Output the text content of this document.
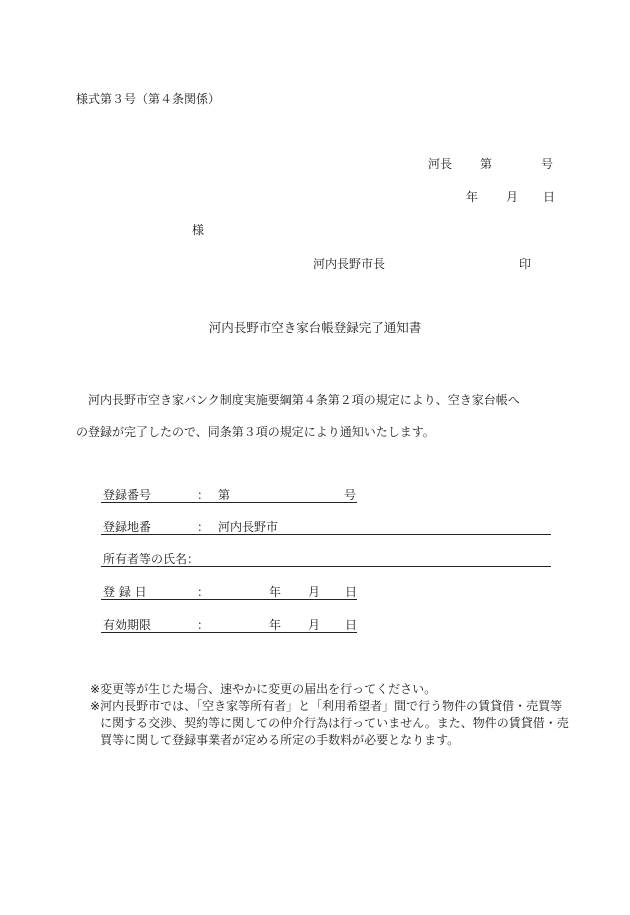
様式第３号（第４条関係）
河長 第	号
年 月 日
様
河内長野市長	印
河内長野市空き家台帳登録完了通知書
河内長野市空き家バンク制度実施要綱第４条第２項の規定により、空き家台帳へ
の登録が完了したので、同条第３項の規定により通知いたします。
登録番号	： 第	号
登録地番	： 河内長野市
所有者等の氏名：
登 録 日	：	年 月 日
有効期限	：	年 月 日
※ 変更等が生じた場合、速やかに変更の届出を行ってください。
※ 河内長野市では、「空き家等所有者」と「利用希望者」間で行う物件の賃貸借・売買等に関する交渉、契約等に関しての仲介行為は行っていません。また、物件の賃貸借・売買等に関して登録事業者が定める所定の手数料が必要となります。
